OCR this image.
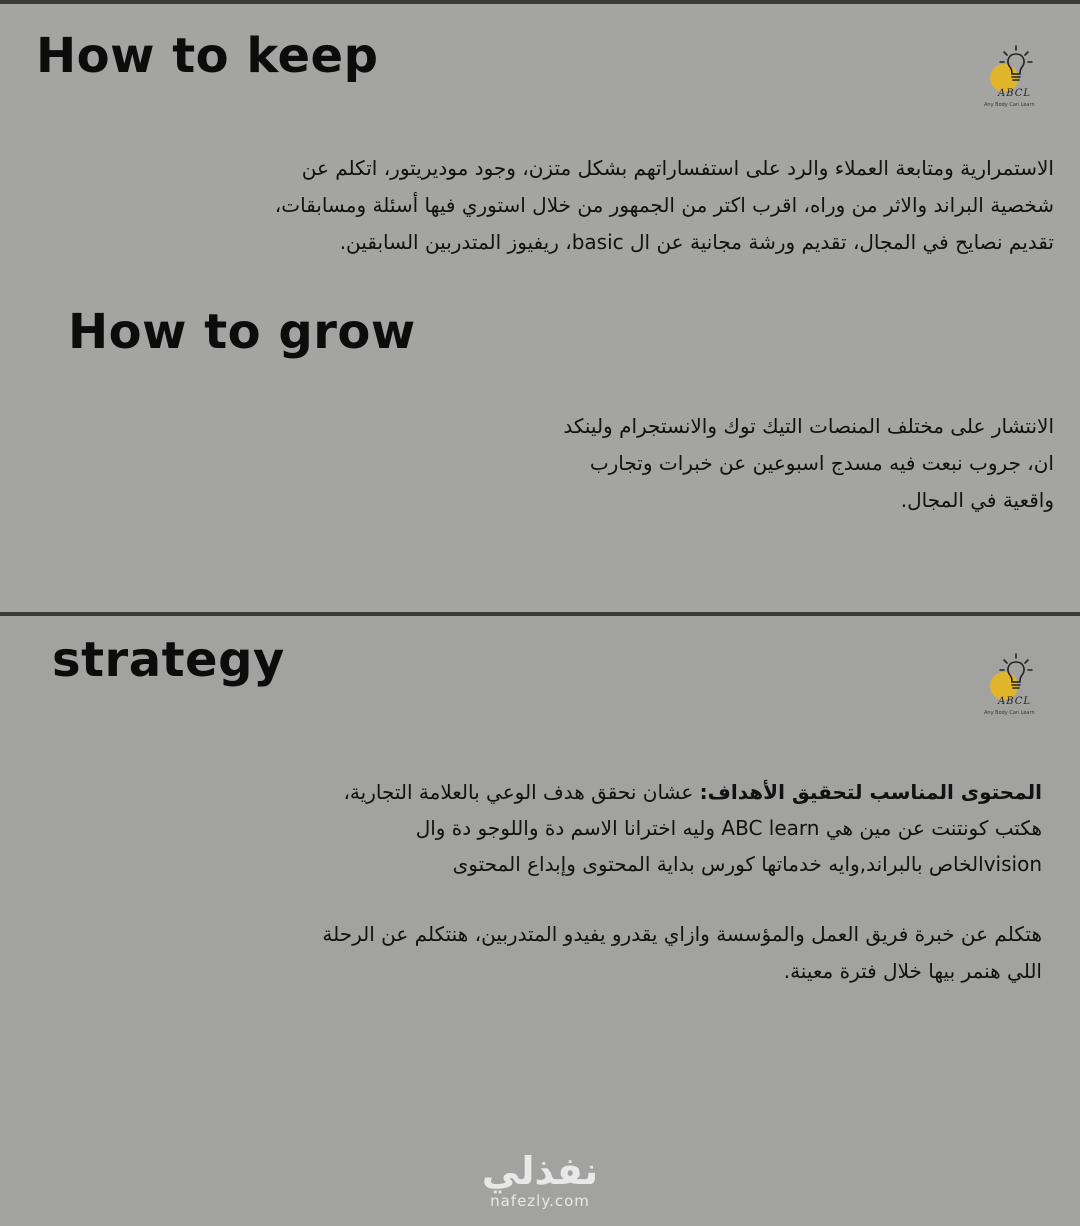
How to keep
ABCL
Any Body Can Learn

الاستمرارية ومتابعة العملاء والرد على استفساراتهم بشكل متزن، وجود موديريتور، اتكلم عن

شخصية البراند والاثر من وراه، اقرب اكتر من الجمهور من خلال استوري فيها أسئلة ومسابقات،

تقديم نصايح في المجال، تقديم ورشة مجانية عن ال basic، ريفيوز المتدربين السابقين.

How to grow

الانتشار على مختلف المنصات التيك توك والانستجرام ولينكد

ان، جروب نبعت فيه مسدج اسبوعين عن خبرات وتجارب

واقعية في المجال.

strategy
ABCL
Any Body Can Learn

المحتوى المناسب لتحقيق الأهداف: عشان نحقق هدف الوعي بالعلامة التجارية،

هكتب كونتنت عن مين هي ABC learn وليه اخترانا الاسم دة واللوجو دة وال

visionالخاص بالبراند,وايه خدماتها كورس بداية المحتوى وإبداع المحتوى

هتكلم عن خبرة فريق العمل والمؤسسة وازاي يقدرو يفيدو المتدربين، هنتكلم عن الرحلة

اللي هنمر بيها خلال فترة معينة.

نفذلي
nafezly.com
